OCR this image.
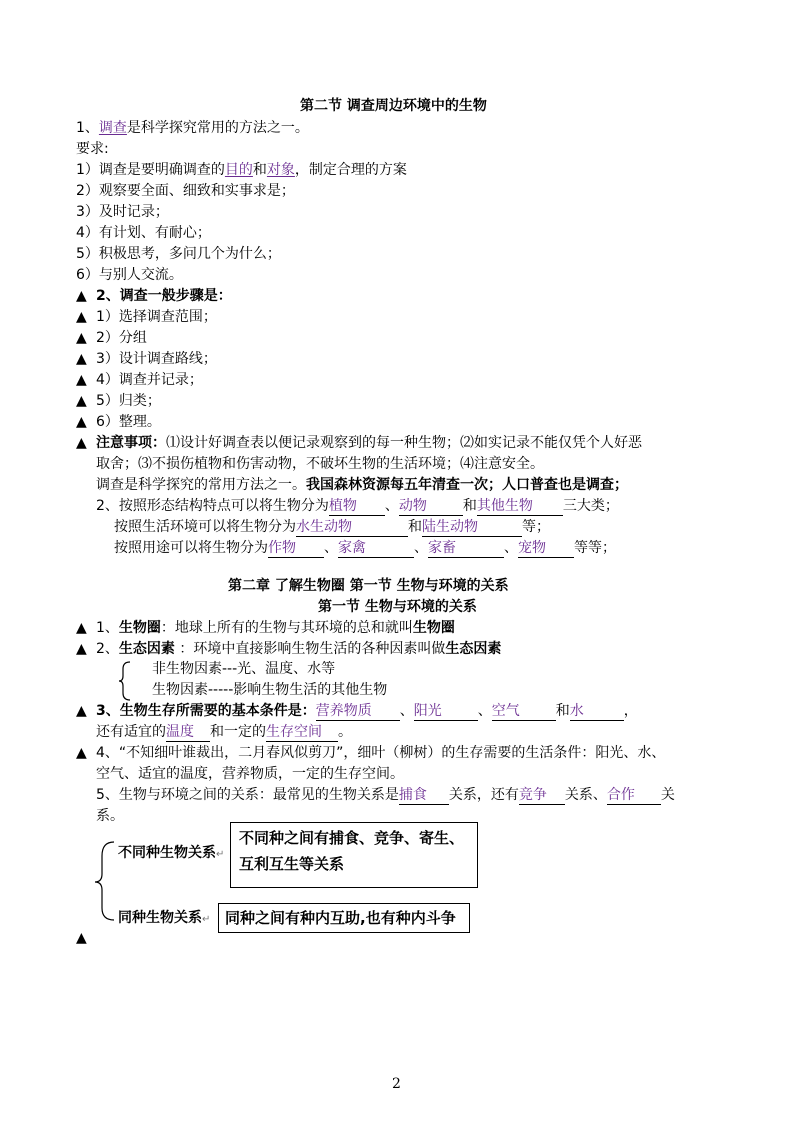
第二节 调查周边环境中的生物
1、调查是科学探究常用的方法之一。
要求:
1）调查是要明确调查的目的和对象，制定合理的方案
2）观察要全面、细致和实事求是；
3）及时记录；
4）有计划、有耐心；
5）积极思考，多问几个为什么；
6）与别人交流。
▲ 2、调查一般步骤是：
▲ 1）选择调查范围；
▲ 2）分组
▲ 3）设计调查路线；
▲ 4）调查并记录；
▲ 5）归类；
▲ 6）整理。
▲ 注意事项：⑴设计好调查表以便记录观察到的每一种生物；⑵如实记录不能仅凭个人好恶
取舍；⑶不损伤植物和伤害动物，不破坏生物的生活环境；⑷注意安全。
调查是科学探究的常用方法之一。我国森林资源每五年清查一次；人口普查也是调查；
2、按照形态结构特点可以将生物分为植物 、动物	和其他生物 三大类；
按照生活环境可以将生物分为水生动物	和陆生动物	等；
按照用途可以将生物分为作物 、家禽	、家畜	、宠物 等等；
第二章 了解生物圈 第一节 生物与环境的关系
第一节 生物与环境的关系
▲ 1、生物圈：地球上所有的生物与其环境的总和就叫生物圈
▲ 2、生态因素 ：环境中直接影响生物生活的各种因素叫做生态因素
非生物因素---光、温度、水等
生物因素-----影响生物生活的其他生物
▲ 3、生物生存所需要的基本条件是：营养物质 、阳光	、空气	和水	，
还有适宜的温度 和一定的生存空间 。
▲ 4、“不知细叶谁裁出，二月春风似剪刀”，细叶（柳树）的生存需要的生活条件：阳光、水、
空气、适宜的温度，营养物质，一定的生存空间。
5、生物与环境之间的关系：最常见的生物关系是捕食 关系，还有竞争 关系、合作 关
系。
不同种生物关系↵
不同种之间有捕食、竞争、寄生、互利互生等关系
同种生物关系↵ 同种之间有种内互助,也有种内斗争
▲
2
